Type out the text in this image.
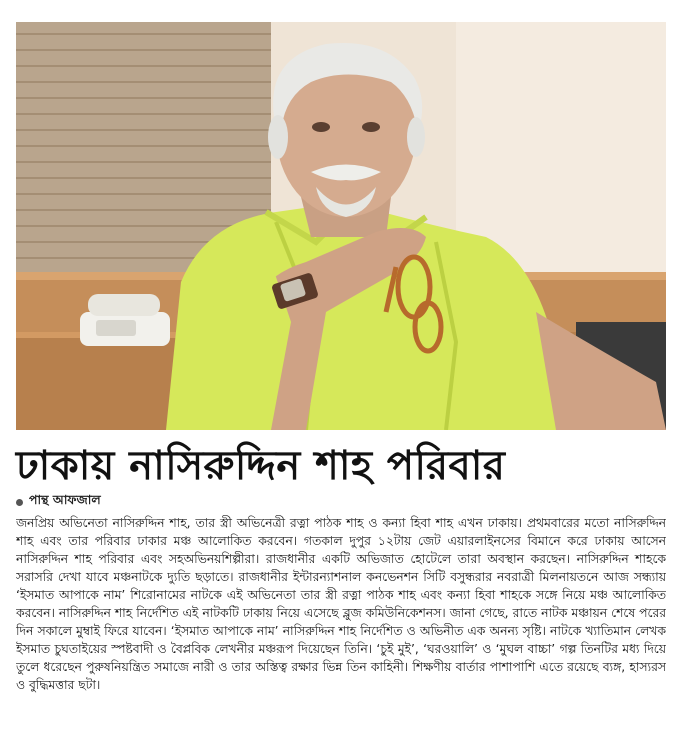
ঢাকায় নাসিরুদ্দিন শাহ পরিবার
পান্থ আফজাল

জনপ্রিয় অভিনেতা নাসিরুদ্দিন শাহ, তার স্ত্রী অভিনেত্রী রত্না পাঠক শাহ ও কন্যা হিবা শাহ এখন ঢাকায়। প্রথমবারের মতো নাসিরুদ্দিন শাহ এবং তার পরিবার ঢাকার মঞ্চ আলোকিত করবেন। গতকাল দুপুর ১২টায় জেট এয়ারলাইনসের বিমানে করে ঢাকায় আসেন নাসিরুদ্দিন শাহ পরিবার এবং সহঅভিনয়শিল্পীরা। রাজধানীর একটি অভিজাত হোটেলে তারা অবস্থান করছেন। নাসিরুদ্দিন শাহকে সরাসরি দেখা যাবে মঞ্চনাটকে দ্যুতি ছড়াতে। রাজধানীর ইন্টারন্যাশনাল কনভেনশন সিটি বসুন্ধরার নবরাত্রী মিলনায়তনে আজ সন্ধ্যায় ‘ইসমাত আপাকে নাম’ শিরোনামের নাটকে এই অভিনেতা তার স্ত্রী রত্না পাঠক শাহ এবং কন্যা হিবা শাহকে সঙ্গে নিয়ে মঞ্চ আলোকিত করবেন। নাসিরুদ্দিন শাহ নির্দেশিত এই নাটকটি ঢাকায় নিয়ে এসেছে ব্লুজ কমিউনিকেশনস। জানা গেছে, রাতে নাটক মঞ্চায়ন শেষে পরের দিন সকালে মুম্বাই ফিরে যাবেন। ‘ইসমাত আপাকে নাম’ নাসিরুদ্দিন শাহ নির্দেশিত ও অভিনীত এক অনন্য সৃষ্টি। নাটকে খ্যাতিমান লেখক ইসমাত চুঘতাইয়ের স্পষ্টবাদী ও বৈপ্লবিক লেখনীর মঞ্চরূপ দিয়েছেন তিনি। ‘চুই মুই’, ‘ঘরওয়ালি’ ও ‘মুঘল বাচ্চা’ গল্প তিনটির মধ্য দিয়ে তুলে ধরেছেন পুরুষনিয়ন্ত্রিত সমাজে নারী ও তার অস্তিত্ব রক্ষার ভিন্ন তিন কাহিনী। শিক্ষণীয় বার্তার পাশাপাশি এতে রয়েছে ব্যঙ্গ, হাস্যরস ও বুদ্ধিমত্তার ছটা।
